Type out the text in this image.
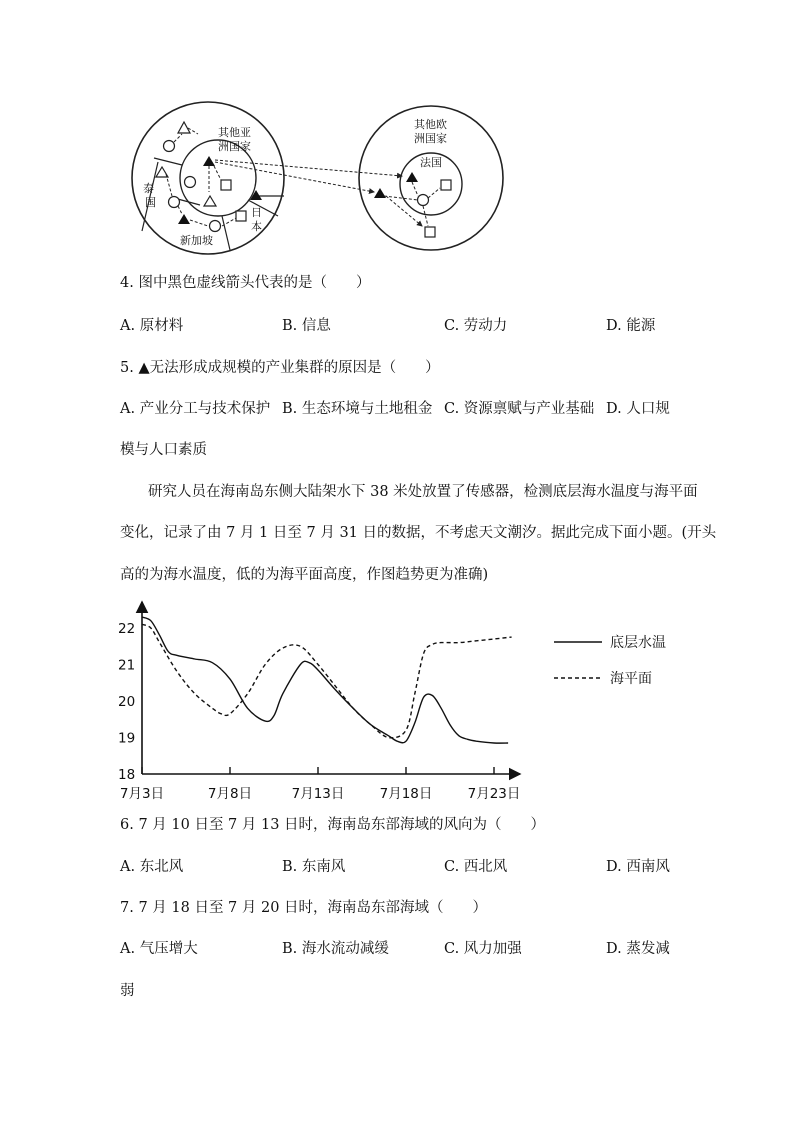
其他亚
洲国家
泰
国
新加坡
日
本
其他欧
洲国家
法国
4. 图中黑色虚线箭头代表的是（　　）
A. 原材料	B. 信息	C. 劳动力	D. 能源
5. ▲无法形成成规模的产业集群的原因是（　　）
A. 产业分工与技术保护 B. 生态环境与土地租金 C. 资源禀赋与产业基础 D. 人口规
模与人口素质
研究人员在海南岛东侧大陆架水下 38 米处放置了传感器，检测底层海水温度与海平面
变化，记录了由 7 月 1 日至 7 月 31 日的数据，不考虑天文潮汐。据此完成下面小题。(开头
高的为海水温度，低的为海平面高度，作图趋势更为准确)
18
19
20
21
22
7月3日	7月8日	7月13日	7月18日	7月23日
底层水温
海平面
6. 7 月 10 日至 7 月 13 日时，海南岛东部海域的风向为（　　）
A. 东北风	B. 东南风	C. 西北风	D. 西南风
7. 7 月 18 日至 7 月 20 日时，海南岛东部海域（　　）
A. 气压增大	B. 海水流动减缓	C. 风力加强	D. 蒸发减
弱
